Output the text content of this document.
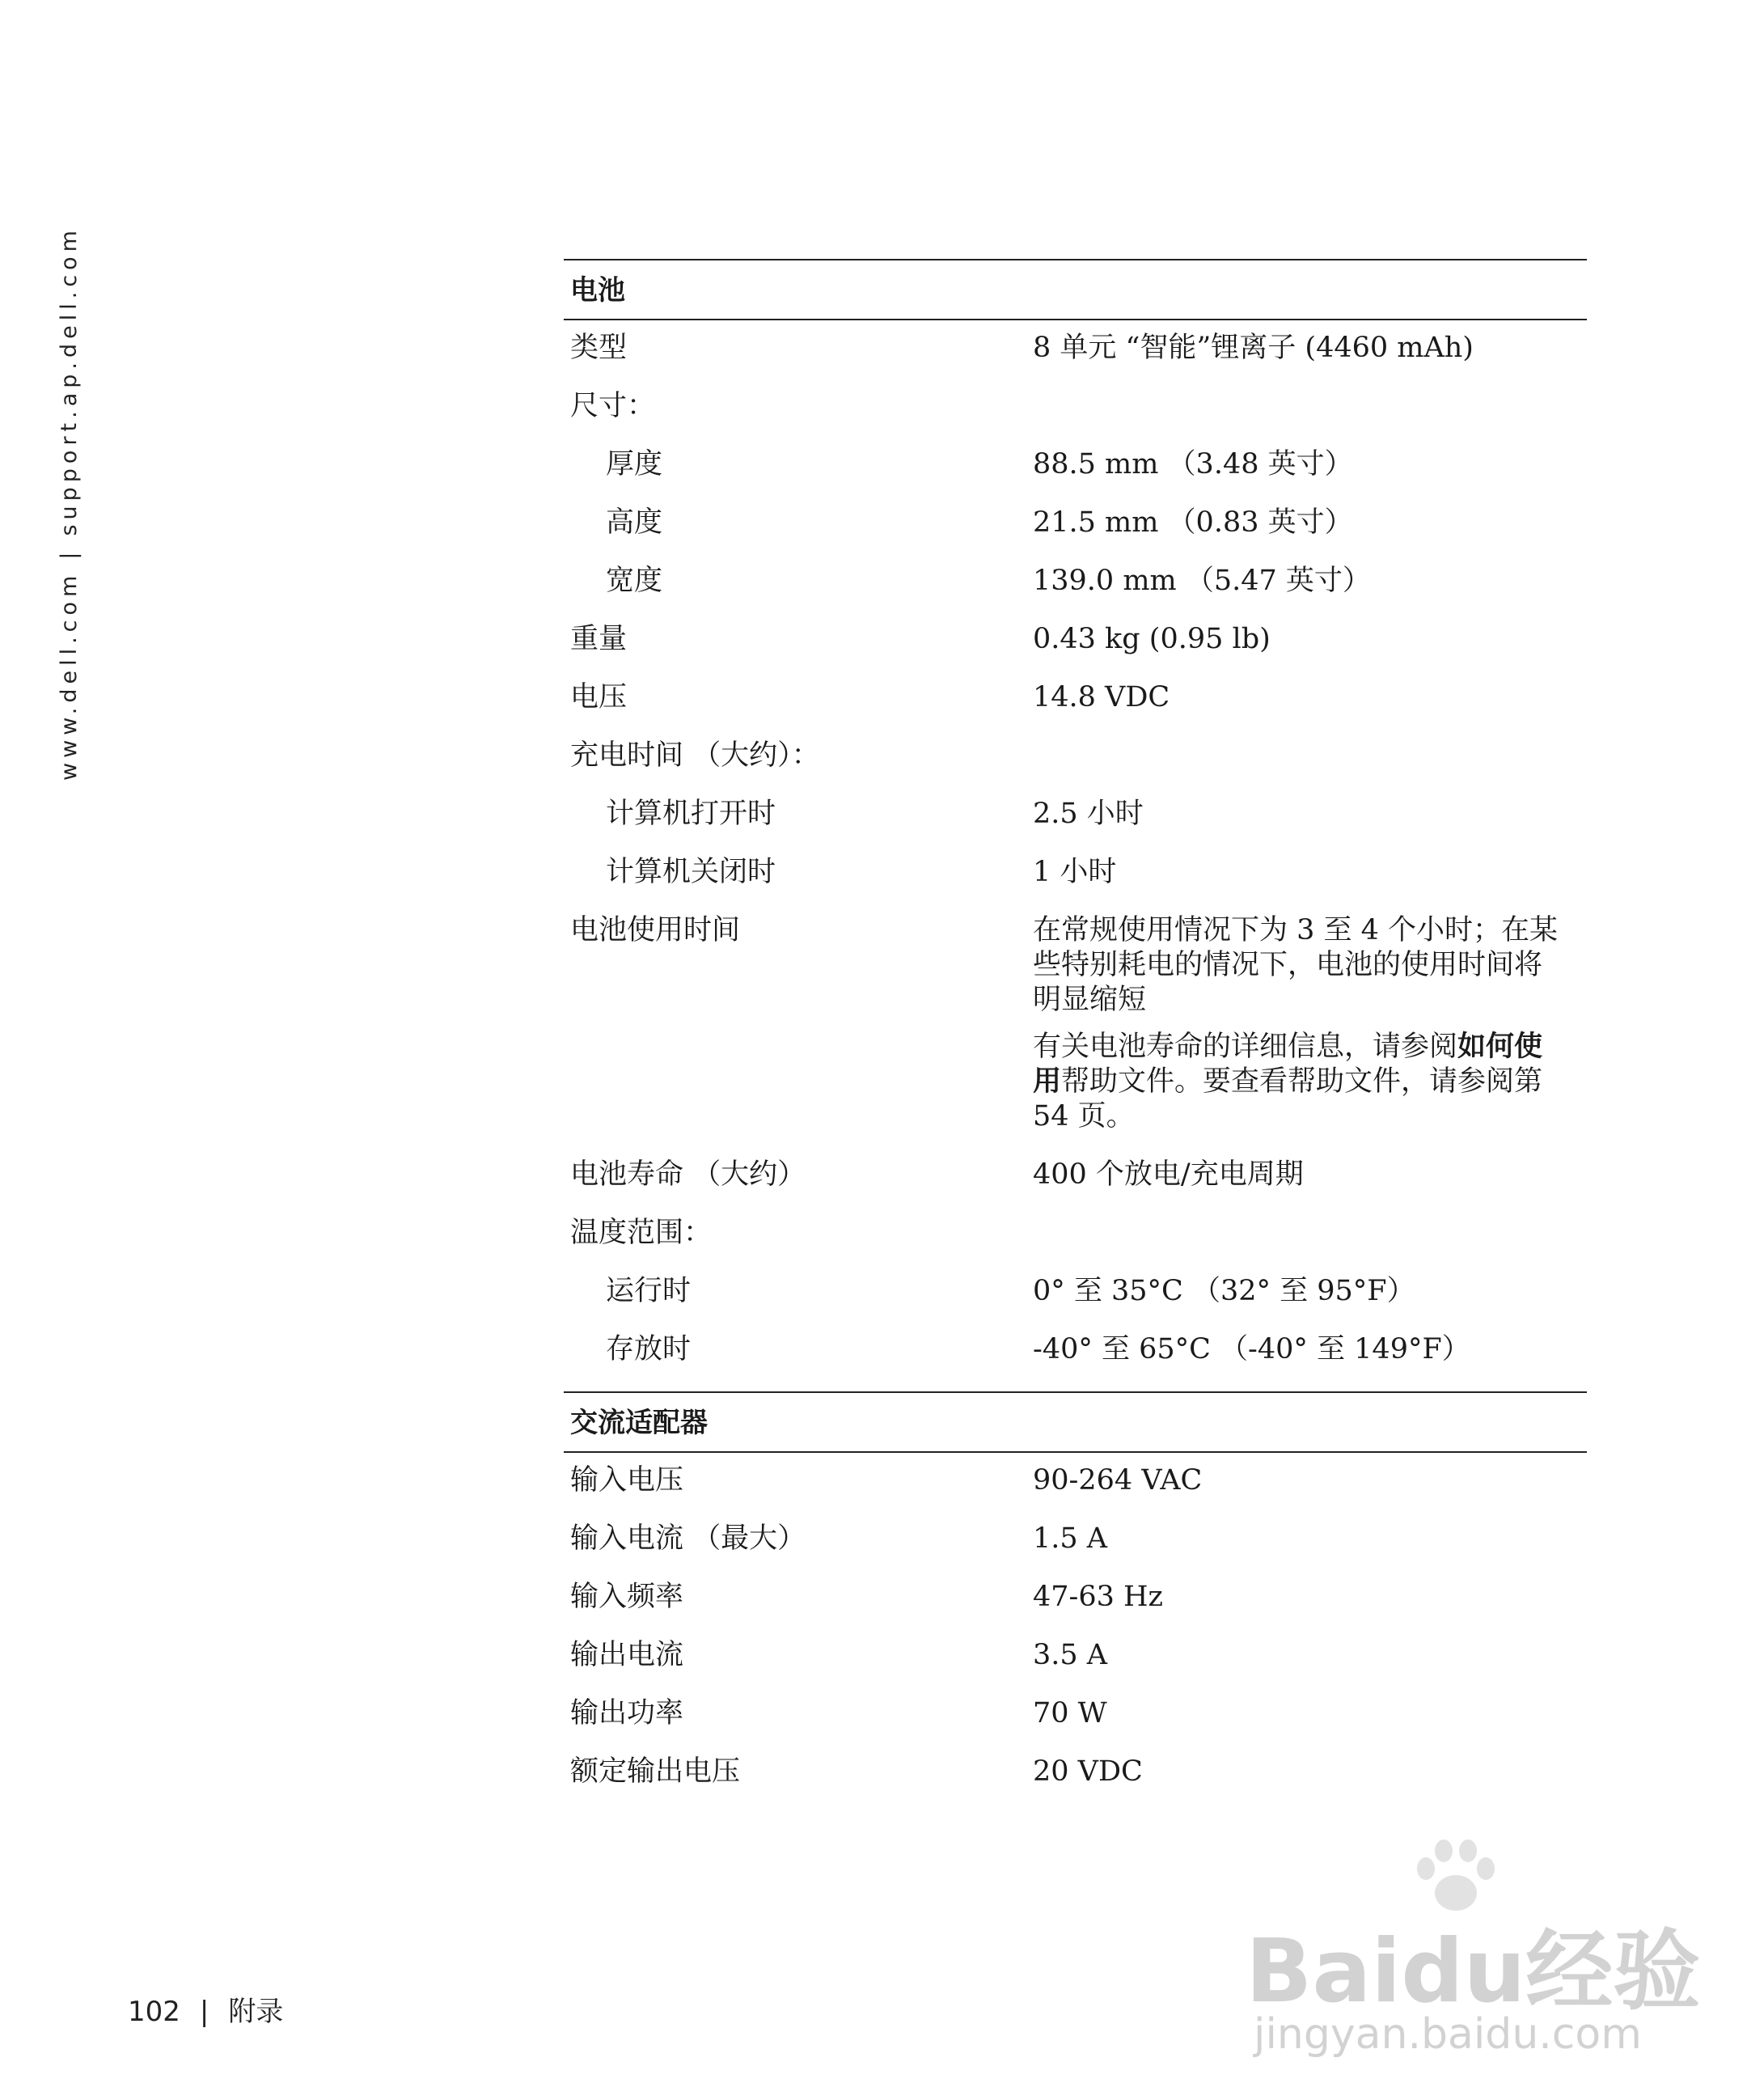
www.dell.com|support.ap.dell.com	电池
类型	8 单元 “智能”锂离子 (4460 mAh)
尺寸：
厚度	88.5 mm （3.48 英寸）
高度	21.5 mm （0.83 英寸）
宽度	139.0 mm （5.47 英寸）
重量	0.43 kg (0.95 lb)
电压	14.8 VDC
充电时间 （大约）：
计算机打开时	2.5 小时
计算机关闭时	1 小时
电池使用时间	在常规使用情况下为 3 至 4 个小时；在某些特别耗电的情况下，电池的使用时间将明显缩短

有关电池寿命的详细信息，请参阅如何使用帮助文件。要查看帮助文件，请参阅第 54 页。

电池寿命 （大约）	400 个放电/充电周期
温度范围：
运行时	0° 至 35°C （32° 至 95°F）
存放时	-40° 至 65°C （-40° 至 149°F）
交流适配器
输入电压	90-264 VAC
输入电流 （最大）	1.5 A
输入频率	47-63 Hz
输出电流	3.5 A
输出功率	70 W
额定输出电压	20 VDC
102 | 附录	Baidu经验
jingyan.baidu.com
